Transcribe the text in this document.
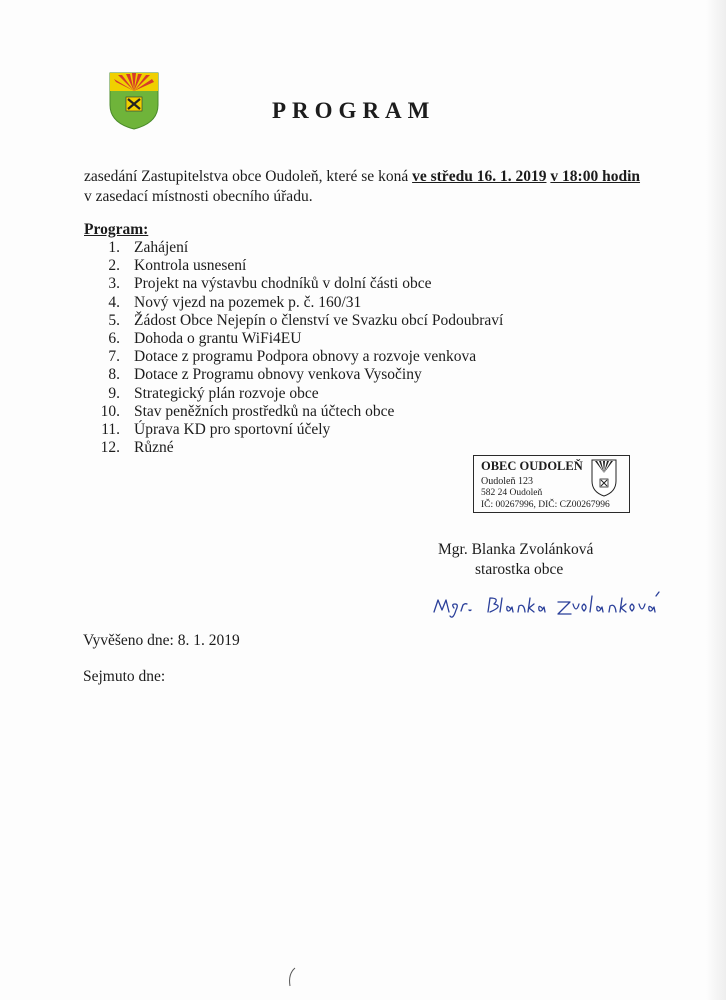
PROGRAM
zasedání Zastupitelstva obce Oudoleň, které se koná ve středu 16. 1. 2019 v 18:00 hodin v zasedací místnosti obecního úřadu.
Program:
1. Zahájení
2. Kontrola usnesení
3. Projekt na výstavbu chodníků v dolní části obce
4. Nový vjezd na pozemek p. č. 160/31
5. Žádost Obce Nejepín o členství ve Svazku obcí Podoubraví
6. Dohoda o grantu WiFi4EU
7. Dotace z programu Podpora obnovy a rozvoje venkova
8. Dotace z Programu obnovy venkova Vysočiny
9. Strategický plán rozvoje obce
10. Stav peněžních prostředků na účtech obce
11. Úprava KD pro sportovní účely
12. Různé
OBEC OUDOLEŇ
Oudoleň 123
582 24 Oudoleň
IČ: 00267996, DIČ: CZ00267996
Mgr. Blanka Zvolánková
starostka obce
Vyvěšeno dne: 8. 1. 2019
Sejmuto dne:
